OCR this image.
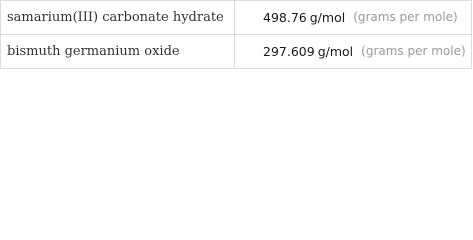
samarium(III) carbonate hydrate	498.76 g/mol (grams per mole)
bismuth germanium oxide	297.609 g/mol (grams per mole)
